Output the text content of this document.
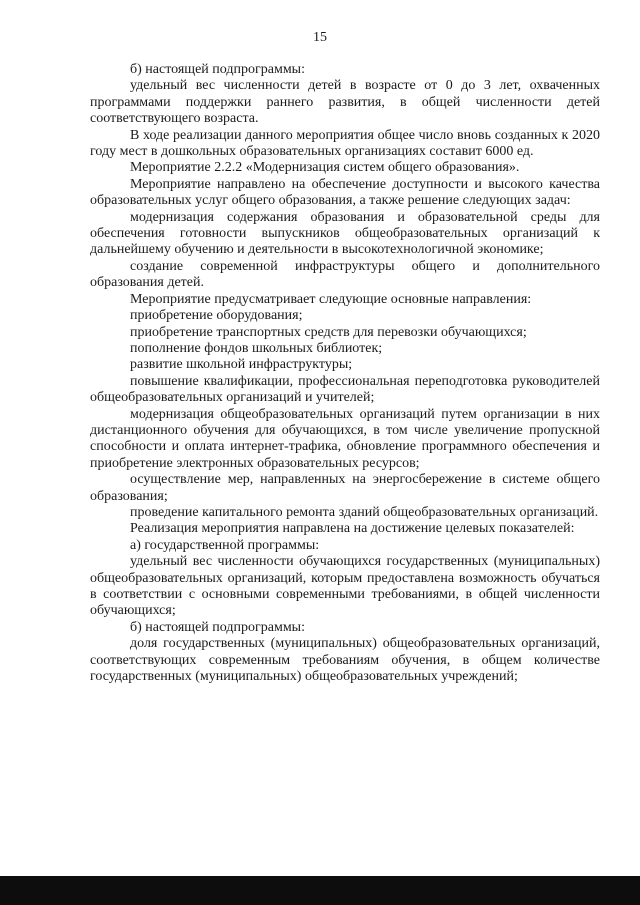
15

б) настоящей подпрограммы:

удельный вес численности детей в возрасте от 0 до 3 лет, охваченных программами поддержки раннего развития, в общей численности детей соответствующего возраста.

В ходе реализации данного мероприятия общее число вновь созданных к 2020 году мест в дошкольных образовательных организациях составит 6000 ед.

Мероприятие 2.2.2 «Модернизация систем общего образования».

Мероприятие направлено на обеспечение доступности и высокого качества образовательных услуг общего образования, а также решение следующих задач:

модернизация содержания образования и образовательной среды для обеспечения готовности выпускников общеобразовательных организаций к дальнейшему обучению и деятельности в высокотехнологичной экономике;

создание современной инфраструктуры общего и дополнительного образования детей.

Мероприятие предусматривает следующие основные направления:

приобретение оборудования;

приобретение транспортных средств для перевозки обучающихся;

пополнение фондов школьных библиотек;

развитие школьной инфраструктуры;

повышение квалификации, профессиональная переподготовка руководителей общеобразовательных организаций и учителей;

модернизация общеобразовательных организаций путем организации в них дистанционного обучения для обучающихся, в том числе увеличение пропускной способности и оплата интернет-трафика, обновление программного обеспечения и приобретение электронных образовательных ресурсов;

осуществление мер, направленных на энергосбережение в системе общего образования;

проведение капитального ремонта зданий общеобразовательных организаций.

Реализация мероприятия направлена на достижение целевых показателей:

а) государственной программы:

удельный вес численности обучающихся государственных (муниципальных) общеобразовательных организаций, которым предоставлена возможность обучаться в соответствии с основными современными требованиями, в общей численности обучающихся;

б) настоящей подпрограммы:

доля государственных (муниципальных) общеобразовательных организаций, соответствующих современным требованиям обучения, в общем количестве государственных (муниципальных) общеобразовательных учреждений;
